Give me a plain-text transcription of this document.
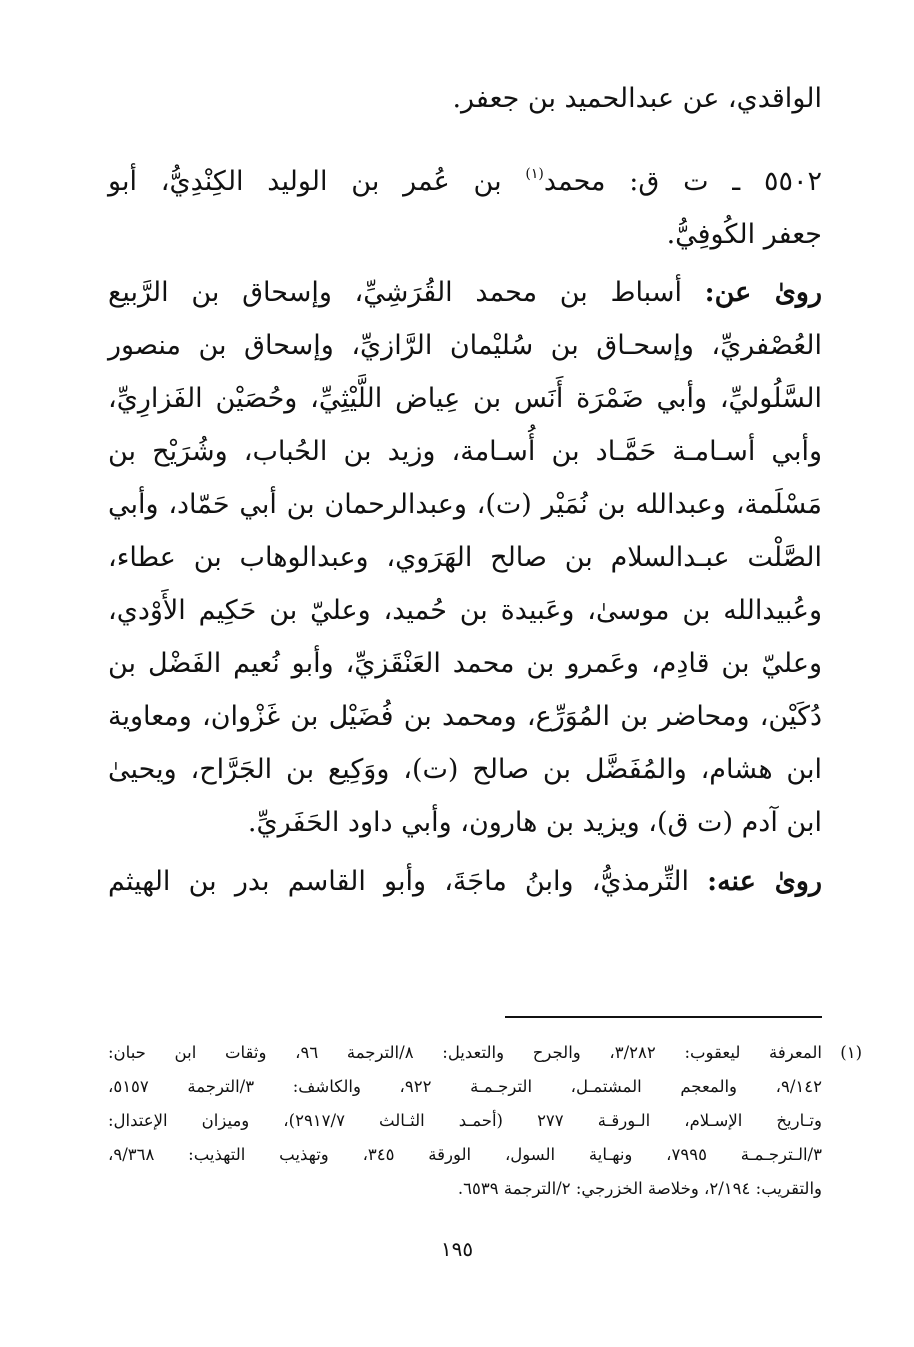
الواقدي، عن عبدالحميد بن جعفر.
٥٥٠٢ ـ ت ق: محمد$^{(١)}$ بن عُمر بن الوليد الكِنْدِيُّ، أبو
جعفر الكُوفِيُّ.
روىٰ عن: أسباط بن محمد القُرَشِيِّ، وإسحاق بن الرَّبيع
العُصْفريِّ، وإسحـاق بن سُليْمان الرَّازيِّ، وإسحاق بن منصور
السَّلُوليِّ، وأبي ضَمْرَة أَنَس بن عِياض اللَّيْثِيِّ، وحُصَيْن الفَزارِيِّ،
وأبي أسـامـة حَمَّـاد بن أُسـامة، وزيد بن الحُباب، وشُرَيْح بن
مَسْلَمة، وعبدالله بن نُمَيْر (ت)، وعبدالرحمان بن أبي حَمّاد، وأبي
الصَّلْت عبـدالسلام بن صالح الهَرَوي، وعبدالوهاب بن عطاء،
وعُبيدالله بن موسىٰ، وعَبيدة بن حُميد، وعليّ بن حَكِيم الأَوْدي،
وعليّ بن قادِم، وعَمرو بن محمد العَنْقَزيِّ، وأبو نُعيم الفَضْل بن
دُكَيْن، ومحاضر بن المُوَرِّع، ومحمد بن فُضَيْل بن غَزْوان، ومعاوية
ابن هشام، والمُفَضَّل بن صالح (ت)، ووَكِيع بن الجَرَّاح، ويحيىٰ
ابن آدم (ت ق)، ويزيد بن هارون، وأبي داود الحَفَريِّ.
روىٰ عنه: التِّرمذيُّ، وابنُ ماجَةَ، وأبو القاسم بدر بن الهيثم
(١)
المعرفة ليعقوب: ٣/٢٨٢، والجرح والتعديل: ٨/الترجمة ٩٦، وثقات ابن حبان:
٩/١٤٢، والمعجم المشتمـل، الترجـمـة ٩٢٢، والكاشف: ٣/الترجمة ٥١٥٧،
وتـاريخ الإسـلام، الـورقـة ٢٧٧ (أحمـد الثـالث ٢٩١٧/٧)، وميزان الإعتدال:
٣/الـترجـمـة ٧٩٩٥، ونهـاية السول، الورقة ٣٤٥، وتهذيب التهذيب: ٩/٣٦٨،
والتقريب: ٢/١٩٤، وخلاصة الخزرجي: ٢/الترجمة ٦٥٣٩.
١٩٥
